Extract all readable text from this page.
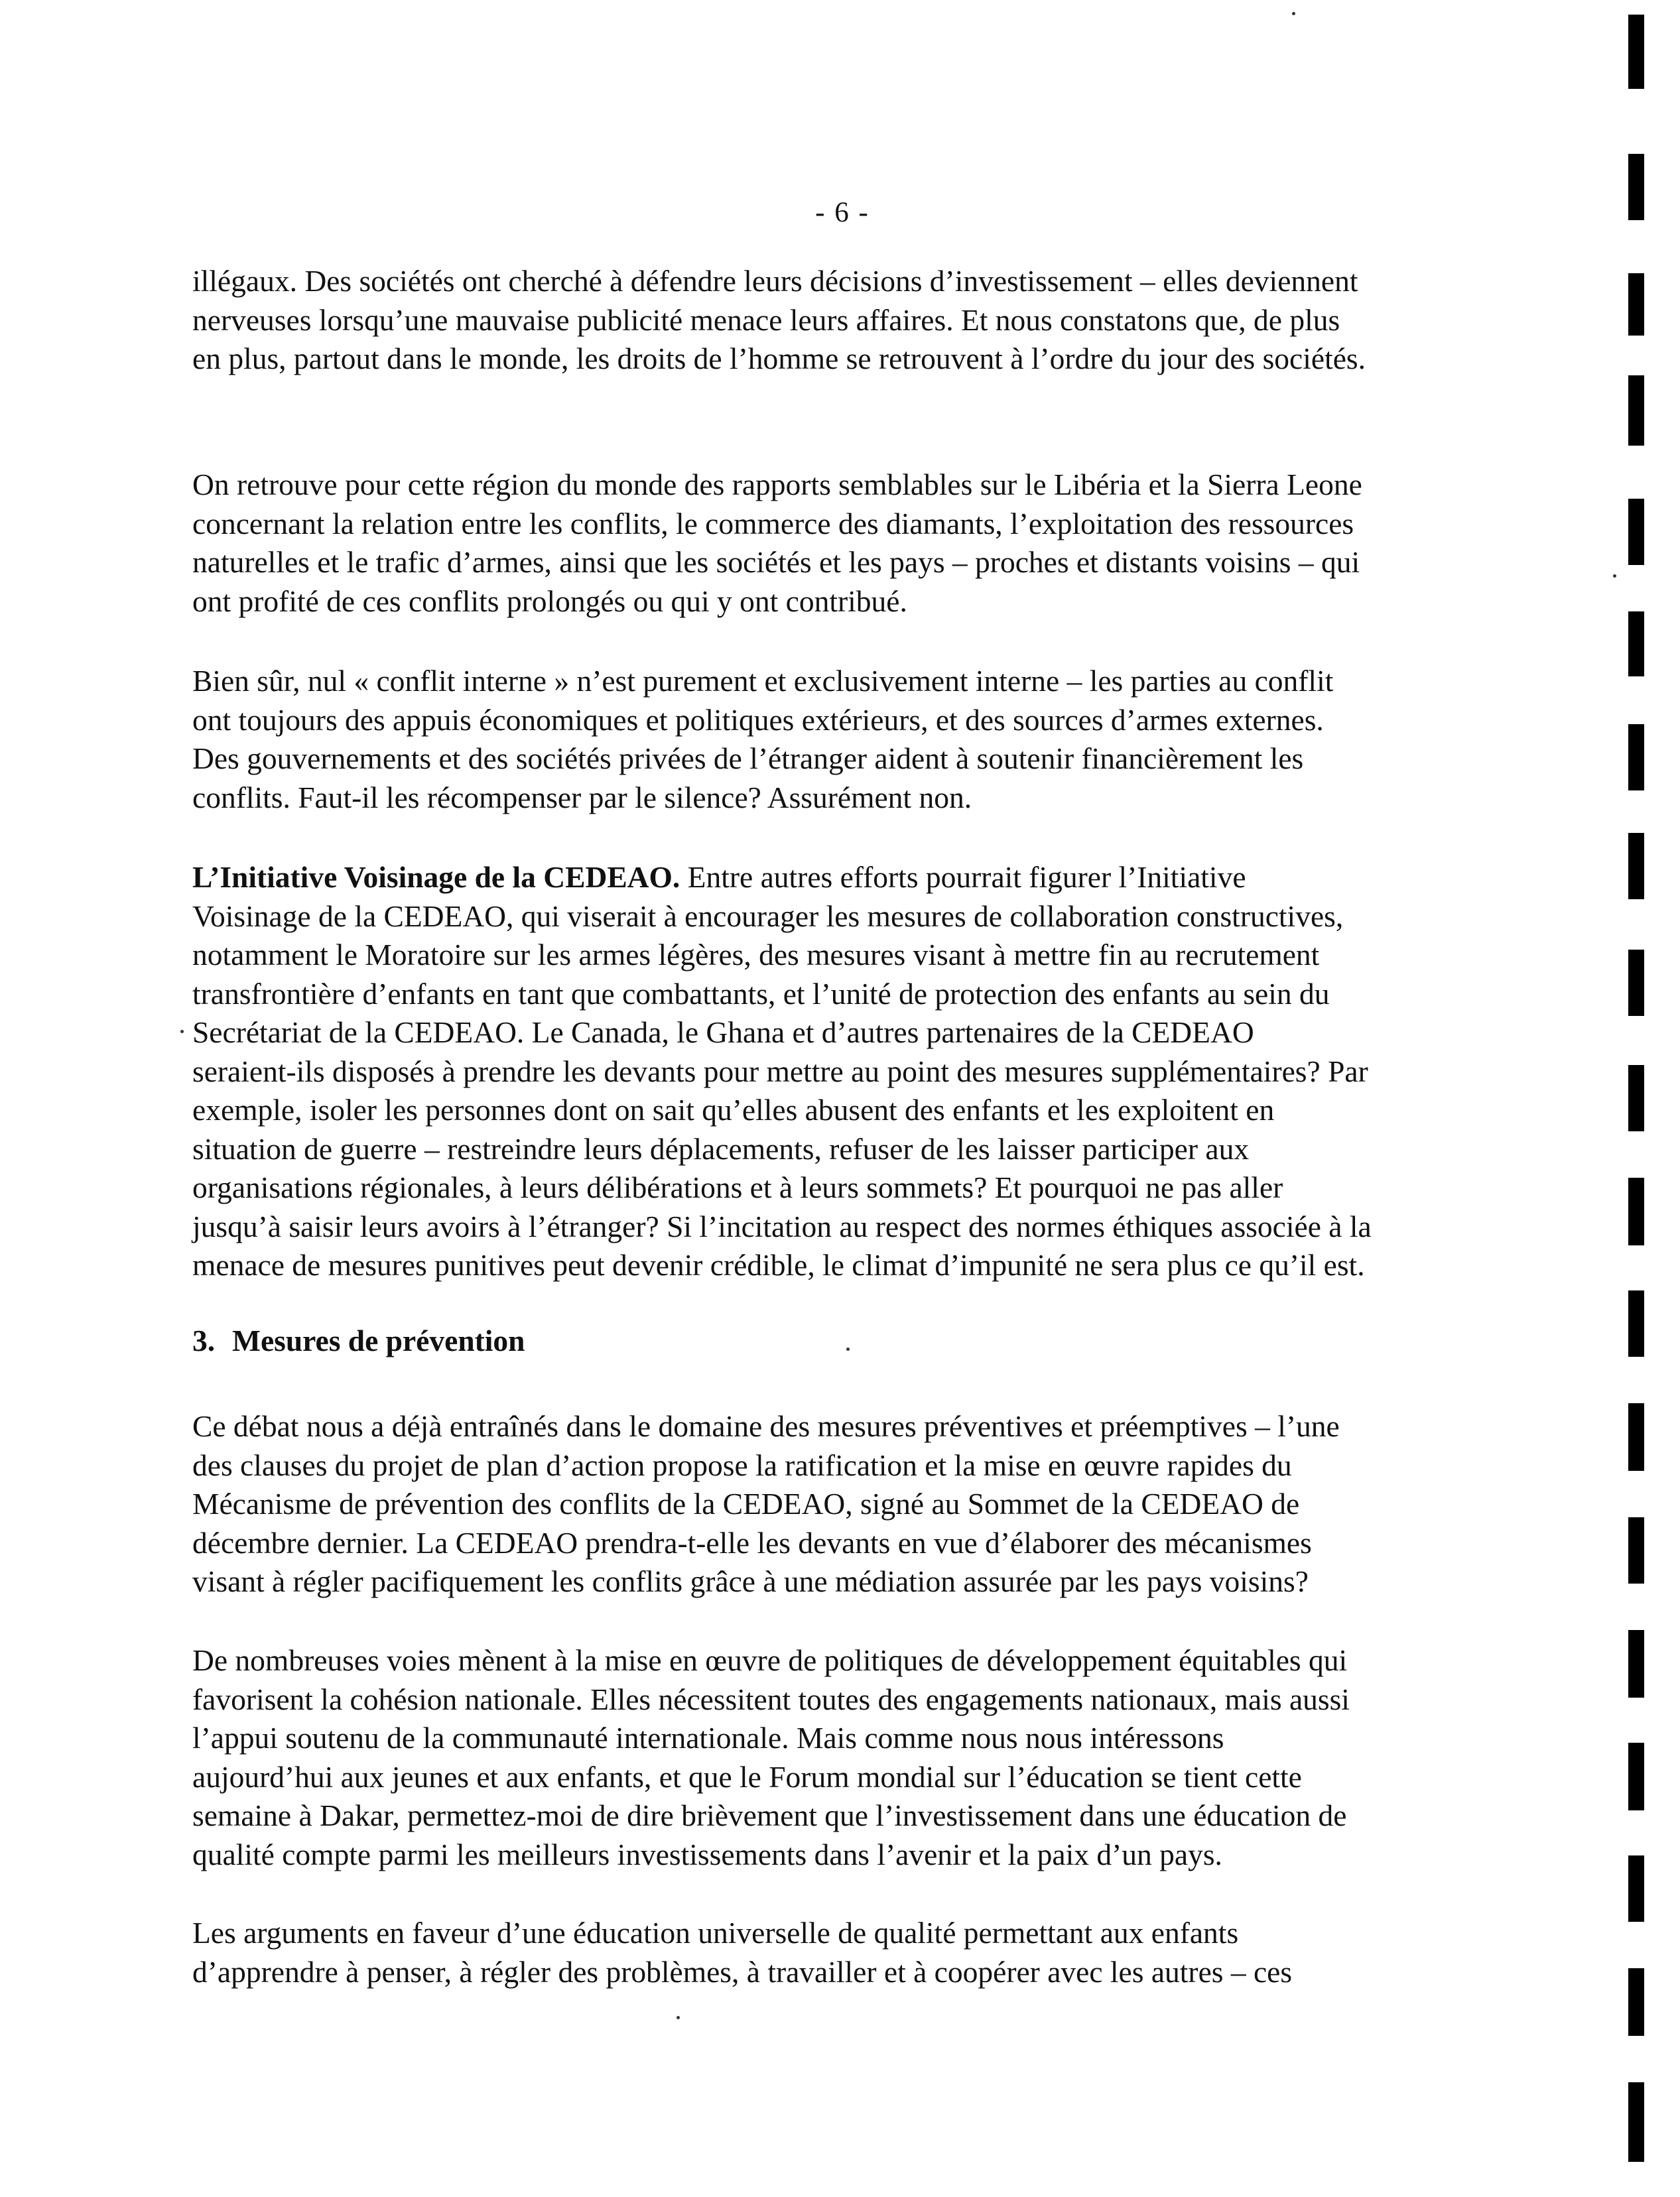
- 6 -

illégaux. Des sociétés ont cherché à défendre leurs décisions d’investissement – elles deviennent
nerveuses lorsqu’une mauvaise publicité menace leurs affaires. Et nous constatons que, de plus
en plus, partout dans le monde, les droits de l’homme se retrouvent à l’ordre du jour des sociétés.

On retrouve pour cette région du monde des rapports semblables sur le Libéria et la Sierra Leone
concernant la relation entre les conflits, le commerce des diamants, l’exploitation des ressources
naturelles et le trafic d’armes, ainsi que les sociétés et les pays – proches et distants voisins – qui
ont profité de ces conflits prolongés ou qui y ont contribué.

Bien sûr, nul « conflit interne » n’est purement et exclusivement interne – les parties au conflit
ont toujours des appuis économiques et politiques extérieurs, et des sources d’armes externes.
Des gouvernements et des sociétés privées de l’étranger aident à soutenir financièrement les
conflits. Faut-il les récompenser par le silence? Assurément non.

L’Initiative Voisinage de la CEDEAO. Entre autres efforts pourrait figurer l’Initiative
Voisinage de la CEDEAO, qui viserait à encourager les mesures de collaboration constructives,
notamment le Moratoire sur les armes légères, des mesures visant à mettre fin au recrutement
transfrontière d’enfants en tant que combattants, et l’unité de protection des enfants au sein du
Secrétariat de la CEDEAO. Le Canada, le Ghana et d’autres partenaires de la CEDEAO
seraient-ils disposés à prendre les devants pour mettre au point des mesures supplémentaires? Par
exemple, isoler les personnes dont on sait qu’elles abusent des enfants et les exploitent en
situation de guerre – restreindre leurs déplacements, refuser de les laisser participer aux
organisations régionales, à leurs délibérations et à leurs sommets? Et pourquoi ne pas aller
jusqu’à saisir leurs avoirs à l’étranger? Si l’incitation au respect des normes éthiques associée à la
menace de mesures punitives peut devenir crédible, le climat d’impunité ne sera plus ce qu’il est.

3. Mesures de prévention

Ce débat nous a déjà entraînés dans le domaine des mesures préventives et préemptives – l’une
des clauses du projet de plan d’action propose la ratification et la mise en œuvre rapides du
Mécanisme de prévention des conflits de la CEDEAO, signé au Sommet de la CEDEAO de
décembre dernier. La CEDEAO prendra-t-elle les devants en vue d’élaborer des mécanismes
visant à régler pacifiquement les conflits grâce à une médiation assurée par les pays voisins?

De nombreuses voies mènent à la mise en œuvre de politiques de développement équitables qui
favorisent la cohésion nationale. Elles nécessitent toutes des engagements nationaux, mais aussi
l’appui soutenu de la communauté internationale. Mais comme nous nous intéressons
aujourd’hui aux jeunes et aux enfants, et que le Forum mondial sur l’éducation se tient cette
semaine à Dakar, permettez-moi de dire brièvement que l’investissement dans une éducation de
qualité compte parmi les meilleurs investissements dans l’avenir et la paix d’un pays.

Les arguments en faveur d’une éducation universelle de qualité permettant aux enfants
d’apprendre à penser, à régler des problèmes, à travailler et à coopérer avec les autres – ces
